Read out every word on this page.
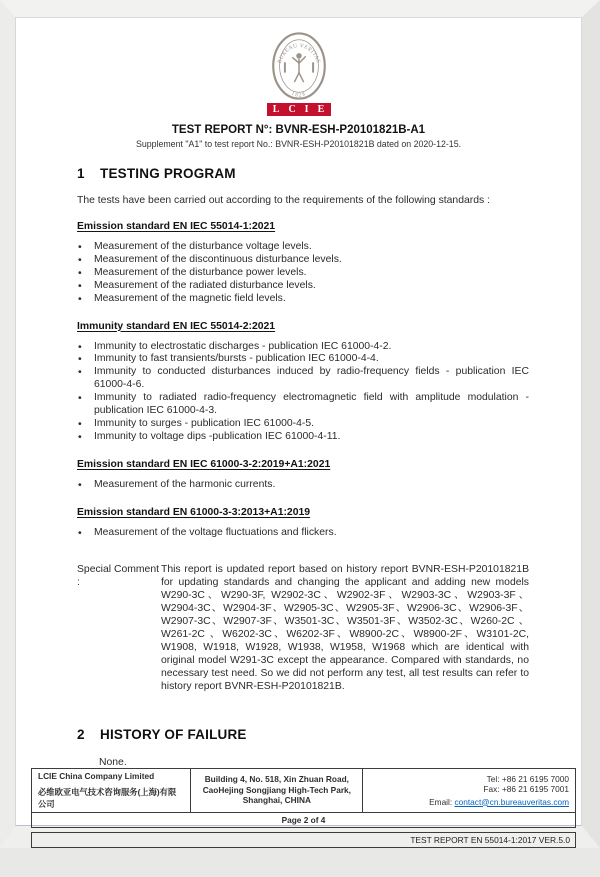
BUREAU VERITAS
1828
LCIE
TEST REPORT N°: BVNR-ESH-P20101821B-A1
Supplement "A1" to test report No.: BVNR-ESH-P20101821B dated on 2020-12-15.
1 TESTING PROGRAM

The tests have been carried out according to the requirements of the following standards :

Emission standard EN IEC 55014-1:2021
• Measurement of the disturbance voltage levels.
• Measurement of the discontinuous disturbance levels.
• Measurement of the disturbance power levels.
• Measurement of the radiated disturbance levels.
• Measurement of the magnetic field levels.
Immunity standard EN IEC 55014-2:2021
• Immunity to electrostatic discharges - publication IEC 61000-4-2.
• Immunity to fast transients/bursts - publication IEC 61000-4-4.
• Immunity to conducted disturbances induced by radio-frequency fields - publication IEC 61000-4-6.
• Immunity to radiated radio-frequency electromagnetic field with amplitude modulation - publication IEC 61000-4-3.
• Immunity to surges - publication IEC 61000-4-5.
• Immunity to voltage dips -publication IEC 61000-4-11.
Emission standard EN IEC 61000-3-2:2019+A1:2021
• Measurement of the harmonic currents.
Emission standard EN 61000-3-3:2013+A1:2019
• Measurement of the voltage fluctuations and flickers.
Special Comment :
This report is updated report based on history report BVNR-ESH-P20101821B for updating standards and changing the applicant and adding new models W290-3C、W290-3F, W2902-3C、W2902-3F、W2903-3C、W2903-3F、W2904-3C、W2904-3F、W2905-3C、W2905-3F、W2906-3C、W2906-3F、W2907-3C、W2907-3F、W3501-3C、W3501-3F、W3502-3C、W260-2C 、W261-2C 、W6202-3C、W6202-3F、W8900-2C、W8900-2F、W3101-2C, W1908, W1918, W1928, W1938, W1958, W1968 which are identical with original model W291-3C except the appearance. Compared with standards, no necessary test need. So we did not perform any test, all test results can refer to history report BVNR-ESH-P20101821B.
2 HISTORY OF FAILURE

None.

LCIE China Company Limited
必维欧亚电气技术咨询服务(上海)有限公司

Building 4, No. 518, Xin Zhuan Road,
CaoHejing Songjiang High-Tech Park,
Shanghai, CHINA

Tel: +86 21 6195 7000
Fax: +86 21 6195 7001
Email: contact@cn.bureauveritas.com

Page 2 of 4
TEST REPORT EN 55014-1:2017 VER.5.0
